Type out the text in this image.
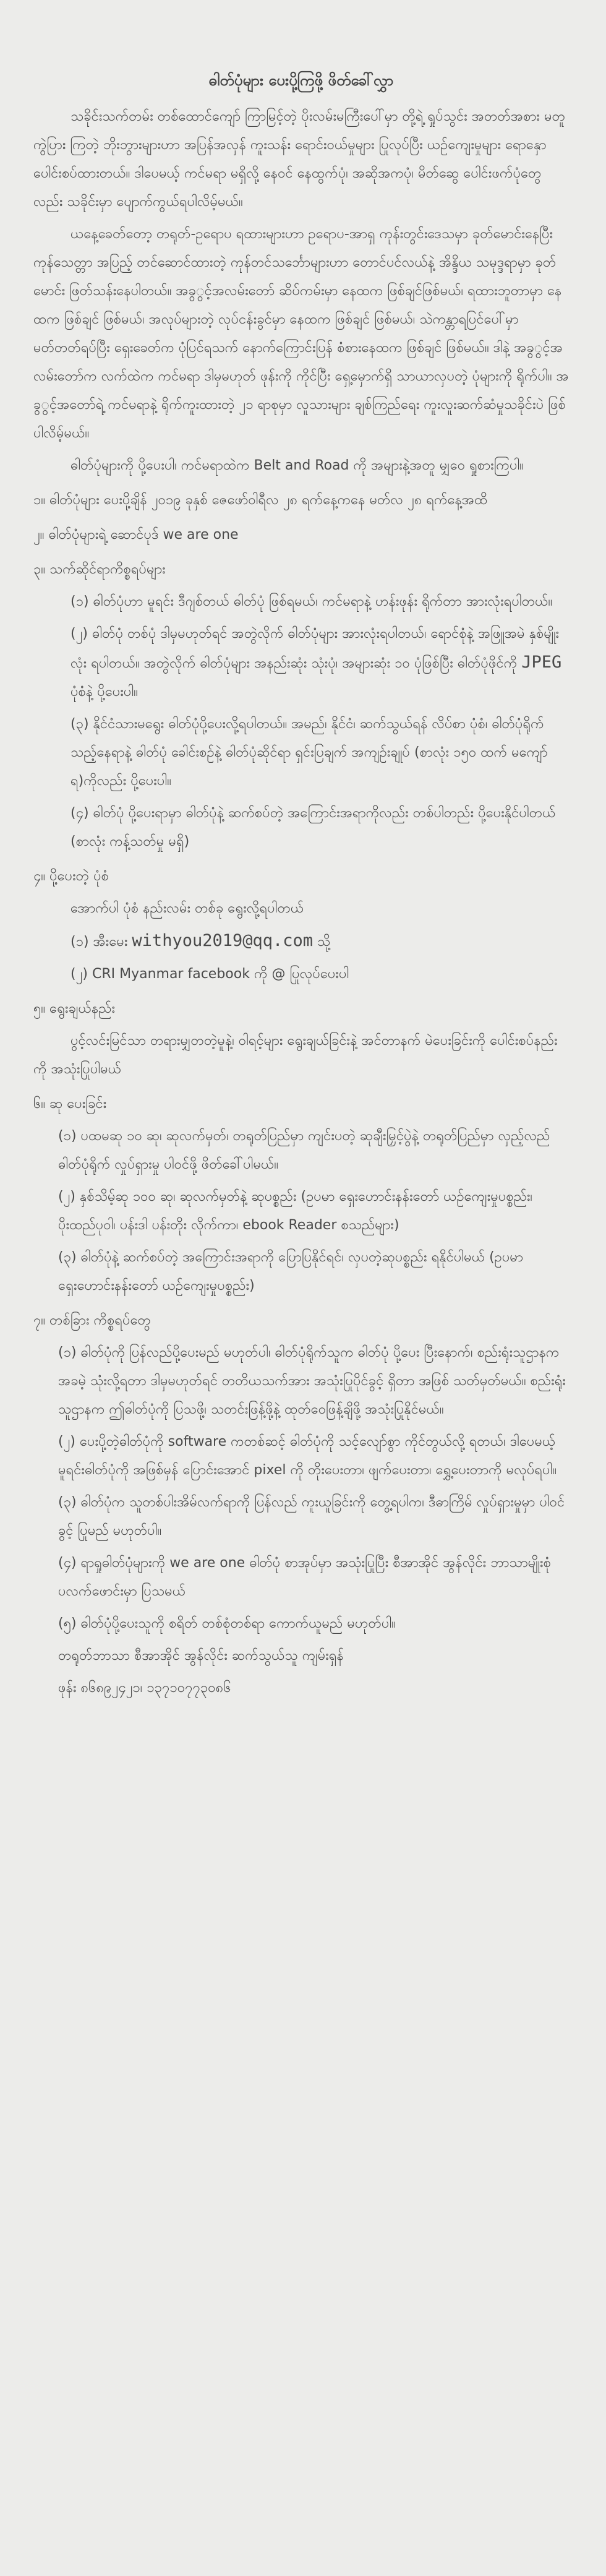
ဓါတ်ပုံများ ပေးပို့ကြဖို့ ဖိတ်ခေါ်လွှာ

သခိုင်းသက်တမ်း တစ်ထောင်ကျော် ကြာမြင့်တဲ့ ပိုးလမ်းမကြီးပေါ်မှာ တို့ရဲ့ ရှုပ်သွင်း အတတ်အစား မတူကွဲပြား ကြတဲ့ ဘိုးဘွားများဟာ အပြန်အလှန် ကူးသန်း ရောင်းဝယ်မှုများ ပြုလုပ်ပြီး ယဉ်ကျေးမှုများ ရောနှောပေါင်းစပ်ထားတယ်။ ဒါပေမယ့် ကင်မရာ မရှိလို့ နေဝင် နေထွက်ပုံ၊ အဆိုအကပုံ၊ မိတ်ဆွေ ပေါင်းဖက်ပုံတွေလည်း သခိုင်းမှာ ပျောက်ကွယ်ရပါလိမ့်မယ်။

ယနေ့ခေတ်တော့ တရုတ်-ဥရောပ ရထားများဟာ ဥရောပ-အာရှ ကုန်းတွင်းဒေသမှာ ခုတ်မောင်းနေပြီး ကုန်သေတ္တာ အပြည့် တင်ဆောင်ထားတဲ့ ကုန်တင်သင်္ဘောများဟာ တောင်ပင်လယ်နဲ့ အိန္ဒိယ သမုဒ္ဒရာမှာ ခုတ်မောင်း ဖြတ်သန်းနေပါတယ်။ အခွွင့်အလမ်းတော် ဆိပ်ကမ်းမှာ နေထက ဖြစ်ချင်ဖြစ်မယ်၊ ရထားဘူတာမှာ နေထက ဖြစ်ချင် ဖြစ်မယ်၊ အလုပ်များတဲ့ လုပ်ငန်းခွင်မှာ နေထက ဖြစ်ချင် ဖြစ်မယ်၊ သဲကန္တာရပြင်ပေါ်မှာ မတ်တတ်ရပ်ပြီး ရှေးခေတ်က ပုံပြင်ရသက် နောက်ကြောင်းပြန် စံစားနေထက ဖြစ်ချင် ဖြစ်မယ်။ ဒါနဲ့ အခွွင့်အလမ်းတော်က လက်ထဲက ကင်မရာ ဒါမှမဟုတ် ဖုန်းကို ကိုင်ပြီး ရှေ့မှောက်ရှိ သာယာလှပတဲ့ ပုံများကို ရိုက်ပါ။ အခွွင့်အတော်ရဲ့ ကင်မရာနဲ့ ရိုက်ကူးထားတဲ့ ၂၁ ရာစုမှာ လူသားများ ချစ်ကြည်ရေး ကူးလူးဆက်ဆံမှုသခိုင်းပဲ ဖြစ်ပါလိမ့်မယ်။

ဓါတ်ပုံများကို ပို့ပေးပါ၊ ကင်မရာထဲက Belt and Road ကို အများနဲ့အတူ မျှဝေ ရှုစားကြပါ။

၁။ ဓါတ်ပုံများ ပေးပို့ချိန် ၂၀၁၉ ခုနှစ် ဇေဖော်ဝါရီလ ၂၈ ရက်နေ့ကနေ မတ်လ ၂၈ ရက်နေ့အထိ

၂။ ဓါတ်ပုံများရဲ့ ဆောင်ပုဒ် we are one

၃။ သက်ဆိုင်ရာကိစ္စရပ်များ

(၁) ဓါတ်ပုံဟာ မူရင်း ဒီဂျစ်တယ် ဓါတ်ပုံ ဖြစ်ရမယ်၊ ကင်မရာနဲ့ ဟန်းဖုန်း ရိုက်တာ အားလုံးရပါတယ်။

(၂) ဓါတ်ပုံ တစ်ပုံ ဒါမှမဟုတ်ရင် အတွဲလိုက် ဓါတ်ပုံများ အားလုံးရပါတယ်၊ ရောင်စုံနဲ့ အဖြူအမဲ နှစ်မျိုးလုံး ရပါတယ်။ အတွဲလိုက် ဓါတ်ပုံများ အနည်းဆုံး သုံးပုံ၊ အများဆုံး ၁၀ ပုံဖြစ်ပြီး ဓါတ်ပုံဖိုင်ကို JPEG ပုံစံနဲ့ ပို့ပေးပါ။

(၃) နိုင်ငံသားမရွေး ဓါတ်ပုံပို့ပေးလို့ရပါတယ်။ အမည်၊ နိုင်ငံ၊ ဆက်သွယ်ရန် လိပ်စာ ပုံစံ၊ ဓါတ်ပုံရိုက်သည့်နေရာနဲ့ ဓါတ်ပုံ ခေါင်းစဉ်နဲ့ ဓါတ်ပုံဆိုင်ရာ ရှင်းပြချက် အကျဉ်းချုပ် (စာလုံး ၁၅၀ ထက် မကျော်ရ)ကိုလည်း ပို့ပေးပါ။

(၄) ဓါတ်ပုံ ပို့ပေးရာမှာ ဓါတ်ပုံနဲ့ ဆက်စပ်တဲ့ အကြောင်းအရာကိုလည်း တစ်ပါတည်း ပို့ပေးနိုင်ပါတယ် (စာလုံး ကန့်သတ်မှု မရှိ)

၄။ ပို့ပေးတဲ့ ပုံစံ

အောက်ပါ ပုံစံ နည်းလမ်း တစ်ခု ရွေးလို့ရပါတယ်

(၁) အီးမေး withyou2019@qq.com သို့

(၂) CRI Myanmar facebook ကို @ ပြုလုပ်ပေးပါ

၅။ ရွေးချယ်နည်း

ပွင့်လင်းမြင်သာ တရားမျှတတဲ့မူနဲ့၊ ဝါရင့်များ ရွေးချယ်ခြင်းနဲ့ အင်တာနက် မဲပေးခြင်းကို ပေါင်းစပ်နည်းကို အသုံးပြုပါမယ်

၆။ ဆု ပေးခြင်း

(၁) ပထမဆု ၁၀ ဆု၊ ဆုလက်မှတ်၊ တရုတ်ပြည်မှာ ကျင်းပတဲ့ ဆုချီးမြှင့်ပွဲနဲ့ တရုတ်ပြည်မှာ လှည့်လည်ဓါတ်ပုံရိုက် လှုပ်ရှားမှု ပါဝင်ဖို့ ဖိတ်ခေါ်ပါမယ်။

(၂) နှစ်သိမ့်ဆု ၁၀၀ ဆု၊ ဆုလက်မှတ်နဲ့ ဆုပစ္စည်း (ဥပမာ ရှေးဟောင်းနန်းတော် ယဉ်ကျေးမှုပစ္စည်း၊ ပိုးထည်ပုဝါ၊ ပန်းဒါ ပန်းတိုး လိုက်ကာ၊ ebook Reader စသည်များ)

(၃) ဓါတ်ပုံနဲ့ ဆက်စပ်တဲ့ အကြောင်းအရာကို ပြောပြနိုင်ရင်၊ လှပတဲ့ဆုပစ္စည်း ရနိုင်ပါမယ် (ဥပမာ ရှေးဟောင်းနန်းတော် ယဉ်ကျေးမှုပစ္စည်း)

၇။ တစ်ခြား ကိစ္စရပ်တွေ

(၁) ဓါတ်ပုံကို ပြန်လည်ပို့ပေးမည် မဟုတ်ပါ၊ ဓါတ်ပုံရိုက်သူက ဓါတ်ပုံ ပို့ပေး ပြီးနောက်၊ စည်းရုံးသူဌာနက အခမဲ့ သုံးလို့ရတာ ဒါမှမဟုတ်ရင် တတိယသက်အား အသုံးပြုပိုင်ခွင့် ရှိတာ အဖြစ် သတ်မှတ်မယ်။ စည်းရုံးသူဌာနက ဤဓါတ်ပုံကို ပြသဖို့၊ သတင်းဖြန့်ဖို့နဲ့ ထုတ်ဝေဖြန့်ချိဖို့ အသုံးပြုနိုင်မယ်။

(၂) ပေးပို့တဲ့ဓါတ်ပုံကို software ကတစ်ဆင့် ဓါတ်ပုံကို သင့်လျော်စွာ ကိုင်တွယ်လို့ ရတယ်၊ ဒါပေမယ့် မူရင်းဓါတ်ပုံကို အဖြစ်မှန် ပြောင်းအောင် pixel ကို တိုးပေးတာ၊ ဖျက်ပေးတာ၊ ရွှေ့ပေးတာကို မလုပ်ရပါ။

(၃) ဓါတ်ပုံက သူတစ်ပါးအိမ်လက်ရာကို ပြန်လည် ကူးယူခြင်းကို တွေ့ရပါက၊ ဒီဓာကြိမ် လှုပ်ရှားမှုမှာ ပါဝင်ခွင့် ပြုမည် မဟုတ်ပါ။

(၄) ရာရှုဓါတ်ပုံများကို we are one ဓါတ်ပုံ စာအုပ်မှာ အသုံးပြုပြီး စီအာအိုင် အွန်လိုင်း ဘာသာမျိုးစုံ ပလက်ဖောင်းမှာ ပြသမယ်

(၅) ဓါတ်ပုံပို့ပေးသူကို စရိတ် တစ်စုံတစ်ရာ ကောက်ယူမည် မဟုတ်ပါ။

တရုတ်ဘာသာ စီအာအိုင် အွန်လိုင်း ဆက်သွယ်သူ ကျမ်းရှန်

ဖုန်း ၈၆၈၉၂၄၂၁၊ ၁၃၇၁၀၇၇၃၀၈၆
